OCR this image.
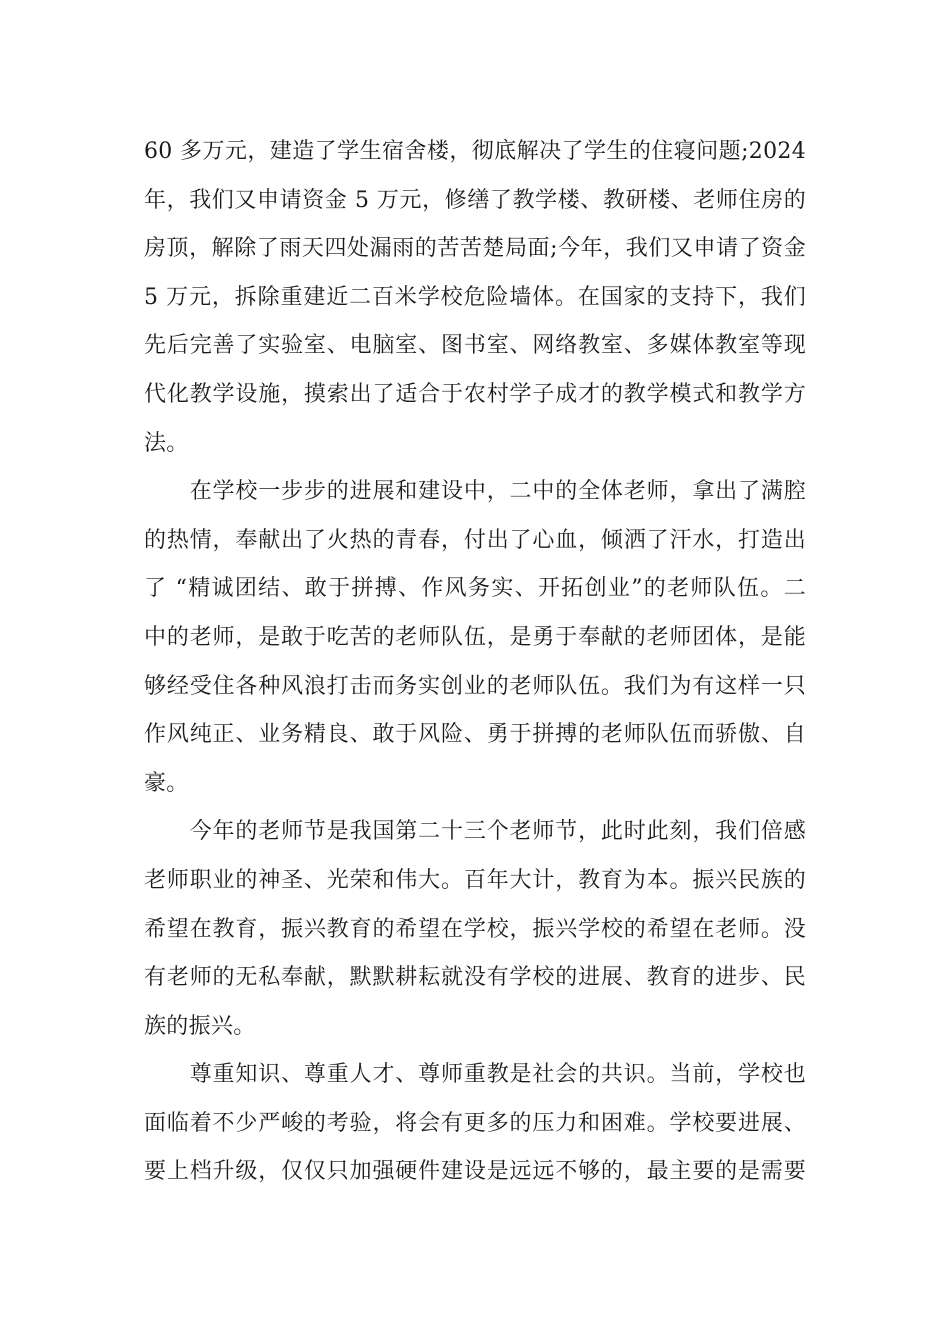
60 多万元，建造了学生宿舍楼，彻底解决了学生的住寝问题;2024
年，我们又申请资金 5 万元，修缮了教学楼、教研楼、老师住房的
房顶，解除了雨天四处漏雨的苦苦楚局面;今年，我们又申请了资金
5 万元，拆除重建近二百米学校危险墙体。在国家的支持下，我们
先后完善了实验室、电脑室、图书室、网络教室、多媒体教室等现
代化教学设施，摸索出了适合于农村学子成才的教学模式和教学方
法。
　　在学校一步步的进展和建设中，二中的全体老师，拿出了满腔
的热情，奉献出了火热的青春，付出了心血，倾洒了汗水，打造出
了 “精诚团结、敢于拼搏、作风务实、开拓创业”的老师队伍。二
中的老师，是敢于吃苦的老师队伍，是勇于奉献的老师团体，是能
够经受住各种风浪打击而务实创业的老师队伍。我们为有这样一只
作风纯正、业务精良、敢于风险、勇于拼搏的老师队伍而骄傲、自
豪。
　　今年的老师节是我国第二十三个老师节，此时此刻，我们倍感
老师职业的神圣、光荣和伟大。百年大计，教育为本。振兴民族的
希望在教育，振兴教育的希望在学校，振兴学校的希望在老师。没
有老师的无私奉献，默默耕耘就没有学校的进展、教育的进步、民
族的振兴。
　　尊重知识、尊重人才、尊师重教是社会的共识。当前，学校也
面临着不少严峻的考验，将会有更多的压力和困难。学校要进展、
要上档升级，仅仅只加强硬件建设是远远不够的，最主要的是需要
